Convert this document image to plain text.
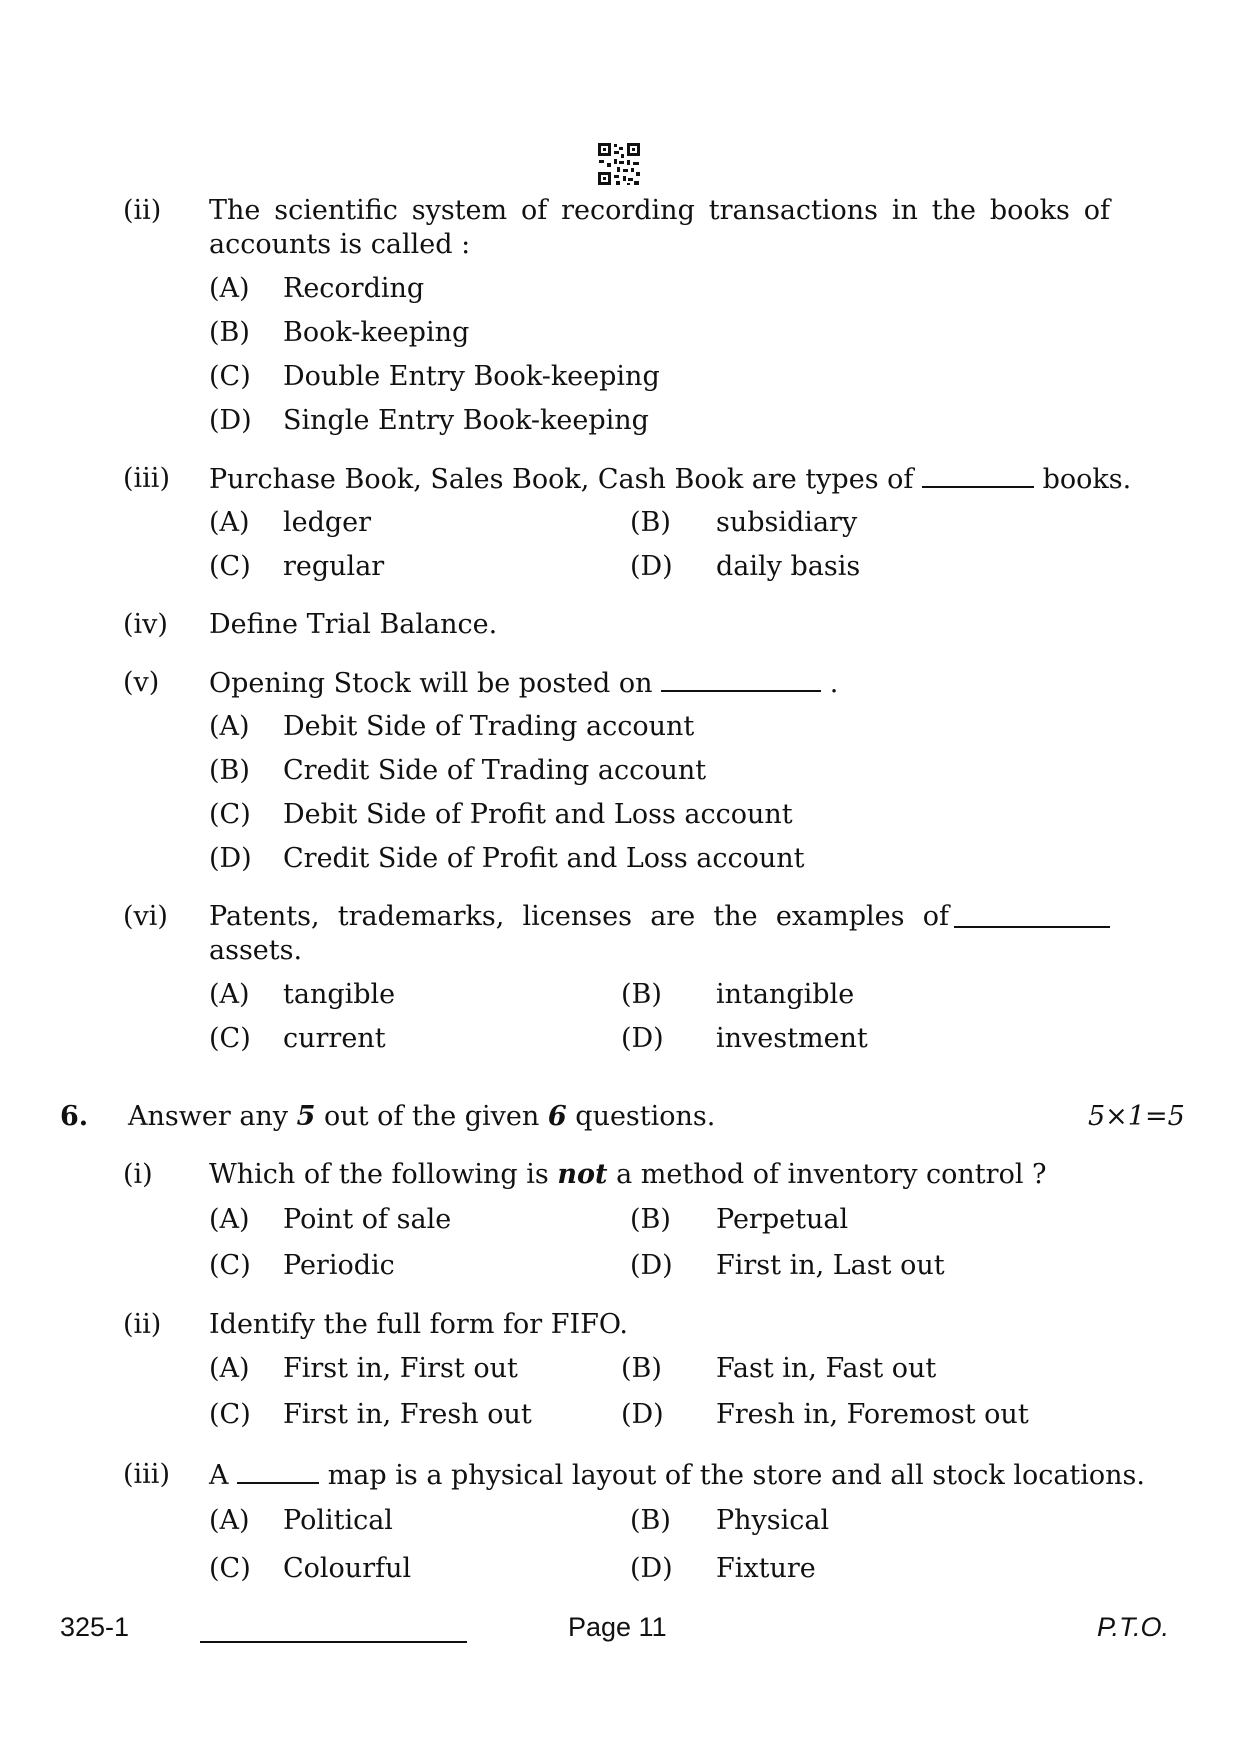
(ii) The scientific system of recording transactions in the books of
accounts is called :
(A) Recording
(B) Book-keeping
(C) Double Entry Book-keeping
(D) Single Entry Book-keeping
(iii) Purchase Book, Sales Book, Cash Book are types of	books.
(A) ledger	(B) subsidiary
(C) regular	(D) daily basis
(iv) Define Trial Balance.
(v) Opening Stock will be posted on	.
(A) Debit Side of Trading account
(B) Credit Side of Trading account
(C) Debit Side of Profit and Loss account
(D) Credit Side of Profit and Loss account
(vi) Patents, trademarks, licenses are the examples of
assets.
(A) tangible	(B) intangible
(C) current	(D) investment
6. Answer any 5 out of the given 6 questions.	5×1=5
(i) Which of the following is not a method of inventory control ?
(A) Point of sale	(B) Perpetual
(C) Periodic	(D) First in, Last out
(ii) Identify the full form for FIFO.
(A) First in, First out	(B) Fast in, Fast out
(C) First in, Fresh out	(D) Fresh in, Foremost out
(iii) A	map is a physical layout of the store and all stock locations.
(A) Political	(B) Physical
(C) Colourful	(D) Fixture
325-1	Page 11	P.T.O.
